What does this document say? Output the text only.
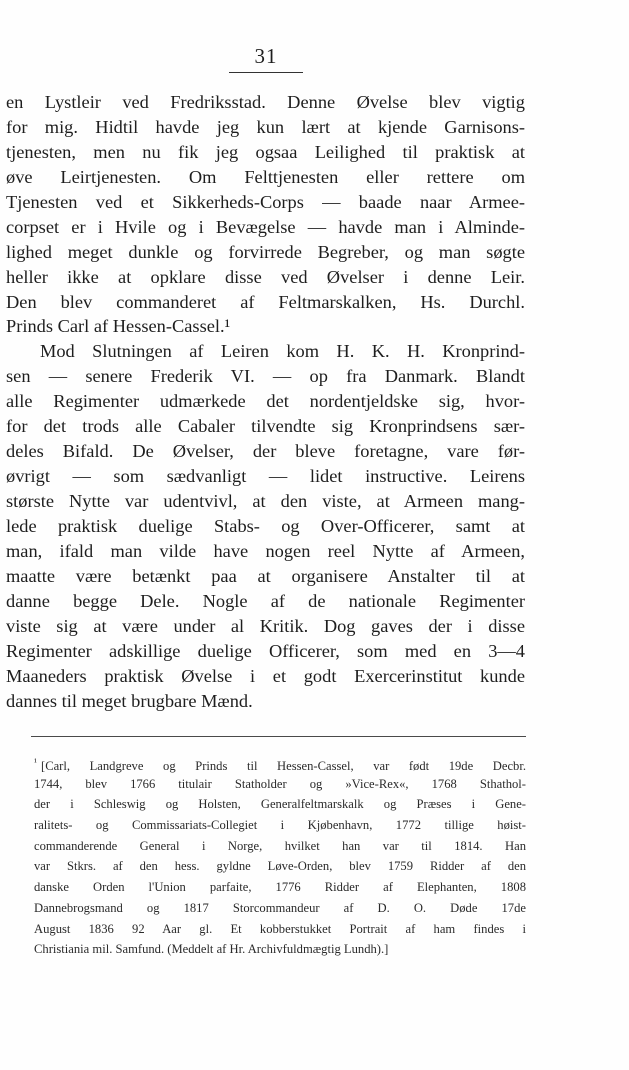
31
en Lystleir ved Fredriksstad. Denne Øvelse blev vigtig
for mig. Hidtil havde jeg kun lært at kjende Garnisons-
tjenesten, men nu fik jeg ogsaa Leilighed til praktisk at
øve Leirtjenesten. Om Felttjenesten eller rettere om
Tjenesten ved et Sikkerheds-Corps — baade naar Armee-
corpset er i Hvile og i Bevægelse — havde man i Alminde-
lighed meget dunkle og forvirrede Begreber, og man søgte
heller ikke at opklare disse ved Øvelser i denne Leir.
Den blev commanderet af Feltmarskalken, Hs. Durchl.
Prinds Carl af Hessen-Cassel.¹
Mod Slutningen af Leiren kom H. K. H. Kronprind-
sen — senere Frederik VI. — op fra Danmark. Blandt
alle Regimenter udmærkede det nordentjeldske sig, hvor-
for det trods alle Cabaler tilvendte sig Kronprindsens sær-
deles Bifald. De Øvelser, der bleve foretagne, vare før-
øvrigt — som sædvanligt — lidet instructive. Leirens
største Nytte var udentvivl, at den viste, at Armeen mang-
lede praktisk duelige Stabs- og Over-Officerer, samt at
man, ifald man vilde have nogen reel Nytte af Armeen,
maatte være betænkt paa at organisere Anstalter til at
danne begge Dele. Nogle af de nationale Regimenter
viste sig at være under al Kritik. Dog gaves der i disse
Regimenter adskillige duelige Officerer, som med en 3—4
Maaneders praktisk Øvelse i et godt Exercerinstitut kunde
dannes til meget brugbare Mænd.
$^{^1}$ [Carl, Landgreve og Prinds til Hessen-Cassel, var født 19de Decbr.
1744, blev 1766 titulair Statholder og »Vice-Rex«, 1768 Sthathol-
der i Schleswig og Holsten, Generalfeltmarskalk og Præses i Gene-
ralitets- og Commissariats-Collegiet i Kjøbenhavn, 1772 tillige høist-
commanderende General i Norge, hvilket han var til 1814. Han
var Stkrs. af den hess. gyldne Løve-Orden, blev 1759 Ridder af den
danske Orden l'Union parfaite, 1776 Ridder af Elephanten, 1808
Dannebrogsmand og 1817 Storcommandeur af D. O. Døde 17de
August 1836 92 Aar gl. Et kobberstukket Portrait af ham findes i
Christiania mil. Samfund. (Meddelt af Hr. Archivfuldmægtig Lundh).]
